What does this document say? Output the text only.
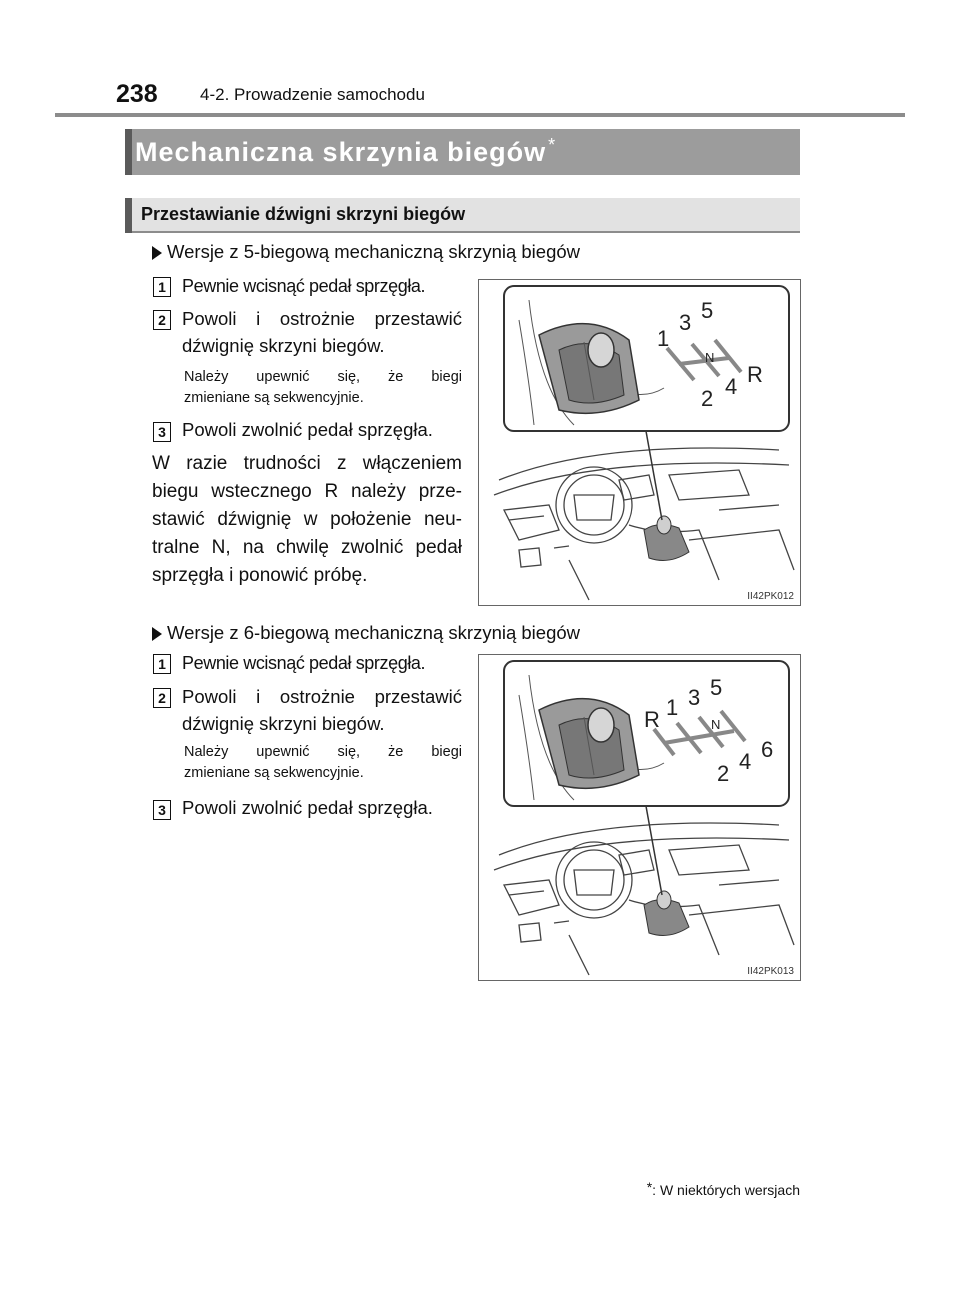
238 4-2. Prowadzenie samochodu
Mechaniczna skrzynia biegów *
Przestawianie dźwigni skrzyni biegów
Wersje z 5-biegową mechaniczną skrzynią biegów
1 Pewnie wcisnąć pedał sprzęgła.
2 Powoli i ostrożnie przestawić
dźwignię skrzyni biegów.
Należy upewnić się, że biegi
zmieniane są sekwencyjnie.
3 Powoli zwolnić pedał sprzęgła.
W razie trudności z włączeniem
biegu wstecznego R należy prze-
stawić dźwignię w położenie neu-
tralne N, na chwilę zwolnić pedał
sprzęgła i ponowić próbę.
1
3 5
2 4 R
N
II42PK012
Wersje z 6-biegową mechaniczną skrzynią biegów
1 Pewnie wcisnąć pedał sprzęgła.
2 Powoli i ostrożnie przestawić
dźwignię skrzyni biegów.
Należy upewnić się, że biegi
zmieniane są sekwencyjnie.
3 Powoli zwolnić pedał sprzęgła.
R 1 3 5
2 4 6
N
II42PK013
*: W niektórych wersjach
